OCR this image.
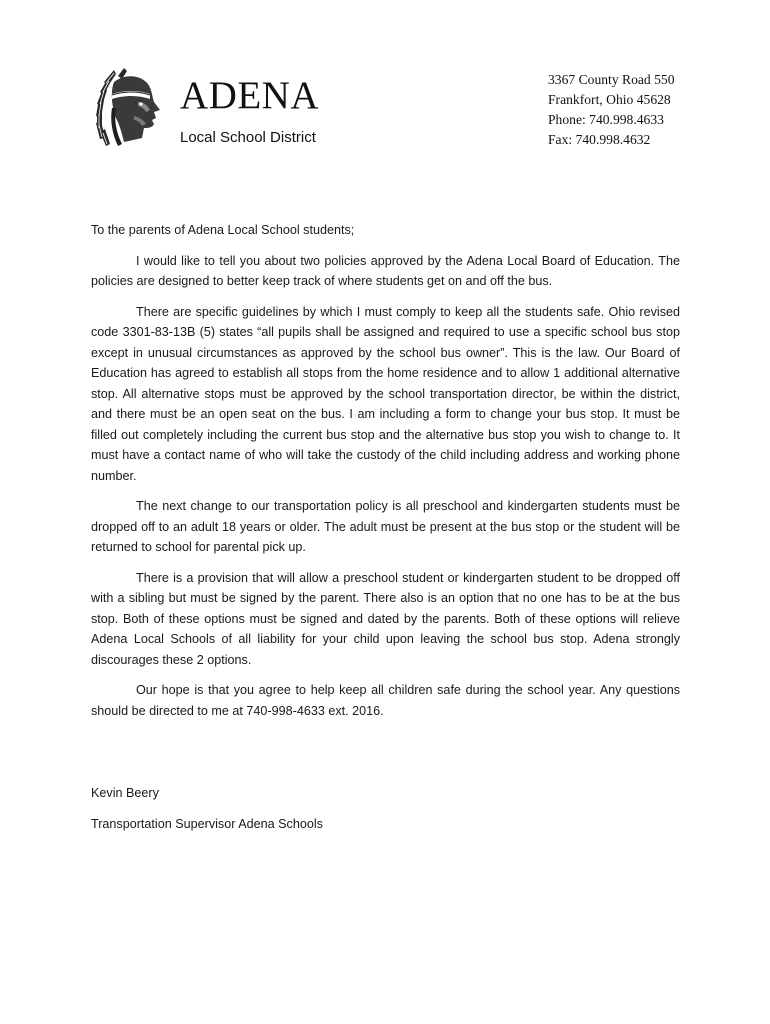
ADENA
Local School District
3367 County Road 550
Frankfort, Ohio 45628
Phone: 740.998.4633
Fax: 740.998.4632
To the parents of Adena Local School students;
I would like to tell you about two policies approved by the Adena Local Board of Education. The policies are designed to better keep track of where students get on and off the bus.
There are specific guidelines by which I must comply to keep all the students safe. Ohio revised code 3301-83-13B (5) states “all pupils shall be assigned and required to use a specific school bus stop except in unusual circumstances as approved by the school bus owner”. This is the law. Our Board of Education has agreed to establish all stops from the home residence and to allow 1 additional alternative stop. All alternative stops must be approved by the school transportation director, be within the district, and there must be an open seat on the bus. I am including a form to change your bus stop. It must be filled out completely including the current bus stop and the alternative bus stop you wish to change to. It must have a contact name of who will take the custody of the child including address and working phone number.
The next change to our transportation policy is all preschool and kindergarten students must be dropped off to an adult 18 years or older. The adult must be present at the bus stop or the student will be returned to school for parental pick up.
There is a provision that will allow a preschool student or kindergarten student to be dropped off with a sibling but must be signed by the parent. There also is an option that no one has to be at the bus stop. Both of these options must be signed and dated by the parents. Both of these options will relieve Adena Local Schools of all liability for your child upon leaving the school bus stop. Adena strongly discourages these 2 options.
Our hope is that you agree to help keep all children safe during the school year. Any questions should be directed to me at 740-998-4633 ext. 2016.
Kevin Beery
Transportation Supervisor Adena Schools
